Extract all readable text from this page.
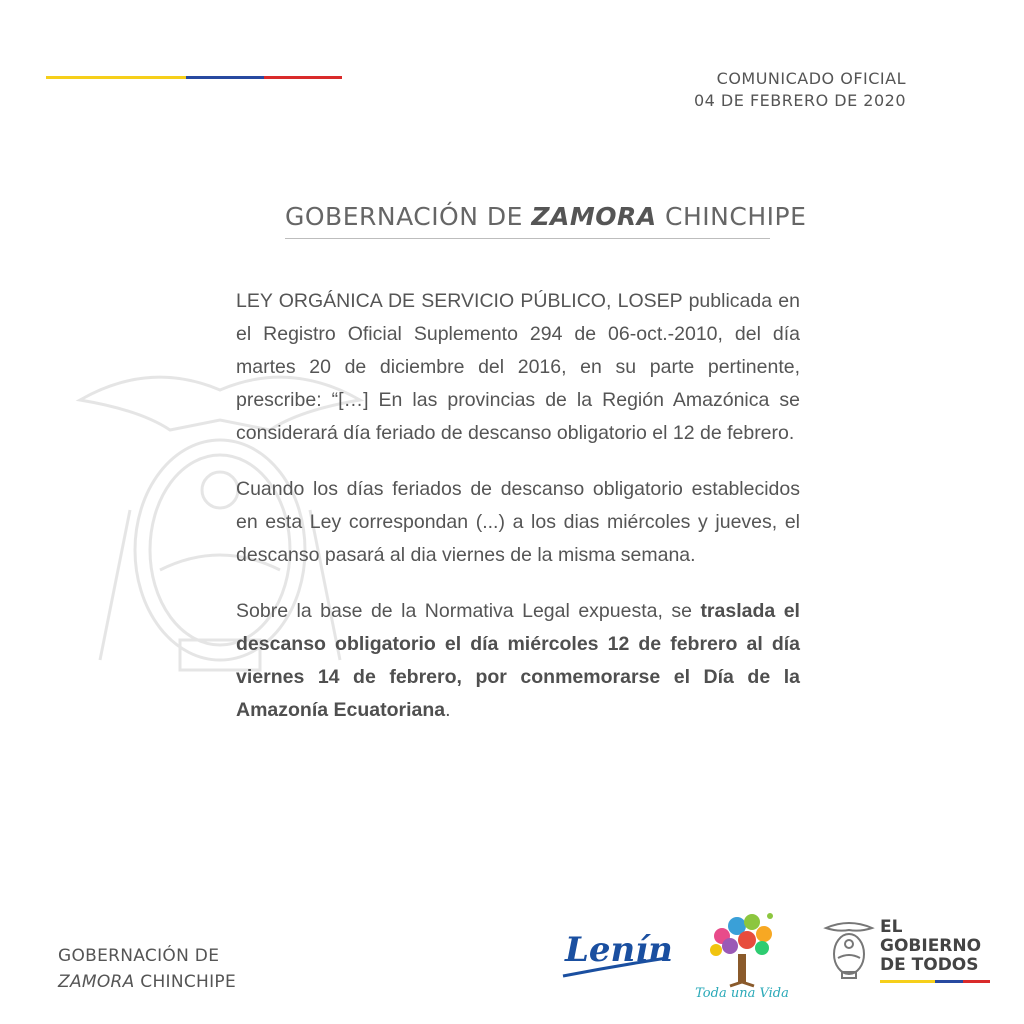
COMUNICADO OFICIAL
04 DE FEBRERO DE 2020
GOBERNACIÓN DE ZAMORA CHINCHIPE

LEY ORGÁNICA DE SERVICIO PÚBLICO, LOSEP publicada en el Registro Oficial Suplemento 294 de 06-oct.-2010, del día martes 20 de diciembre del 2016, en su parte pertinente, prescribe: “[…] En las provincias de la Región Amazónica se considerará día feriado de descanso obligatorio el 12 de febrero.

Cuando los días feriados de descanso obligatorio establecidos en esta Ley correspondan (...) a los dias miércoles y jueves, el descanso pasará al dia viernes de la misma semana.

Sobre la base de la Normativa Legal expuesta, se traslada el descanso obligatorio el día miércoles 12 de febrero al día viernes 14 de febrero, por conmemorarse el Día de la Amazonía Ecuatoriana.

GOBERNACIÓN DE
ZAMORA CHINCHIPE
Lenín
Toda una Vida
EL
GOBIERNO
DE TODOS
